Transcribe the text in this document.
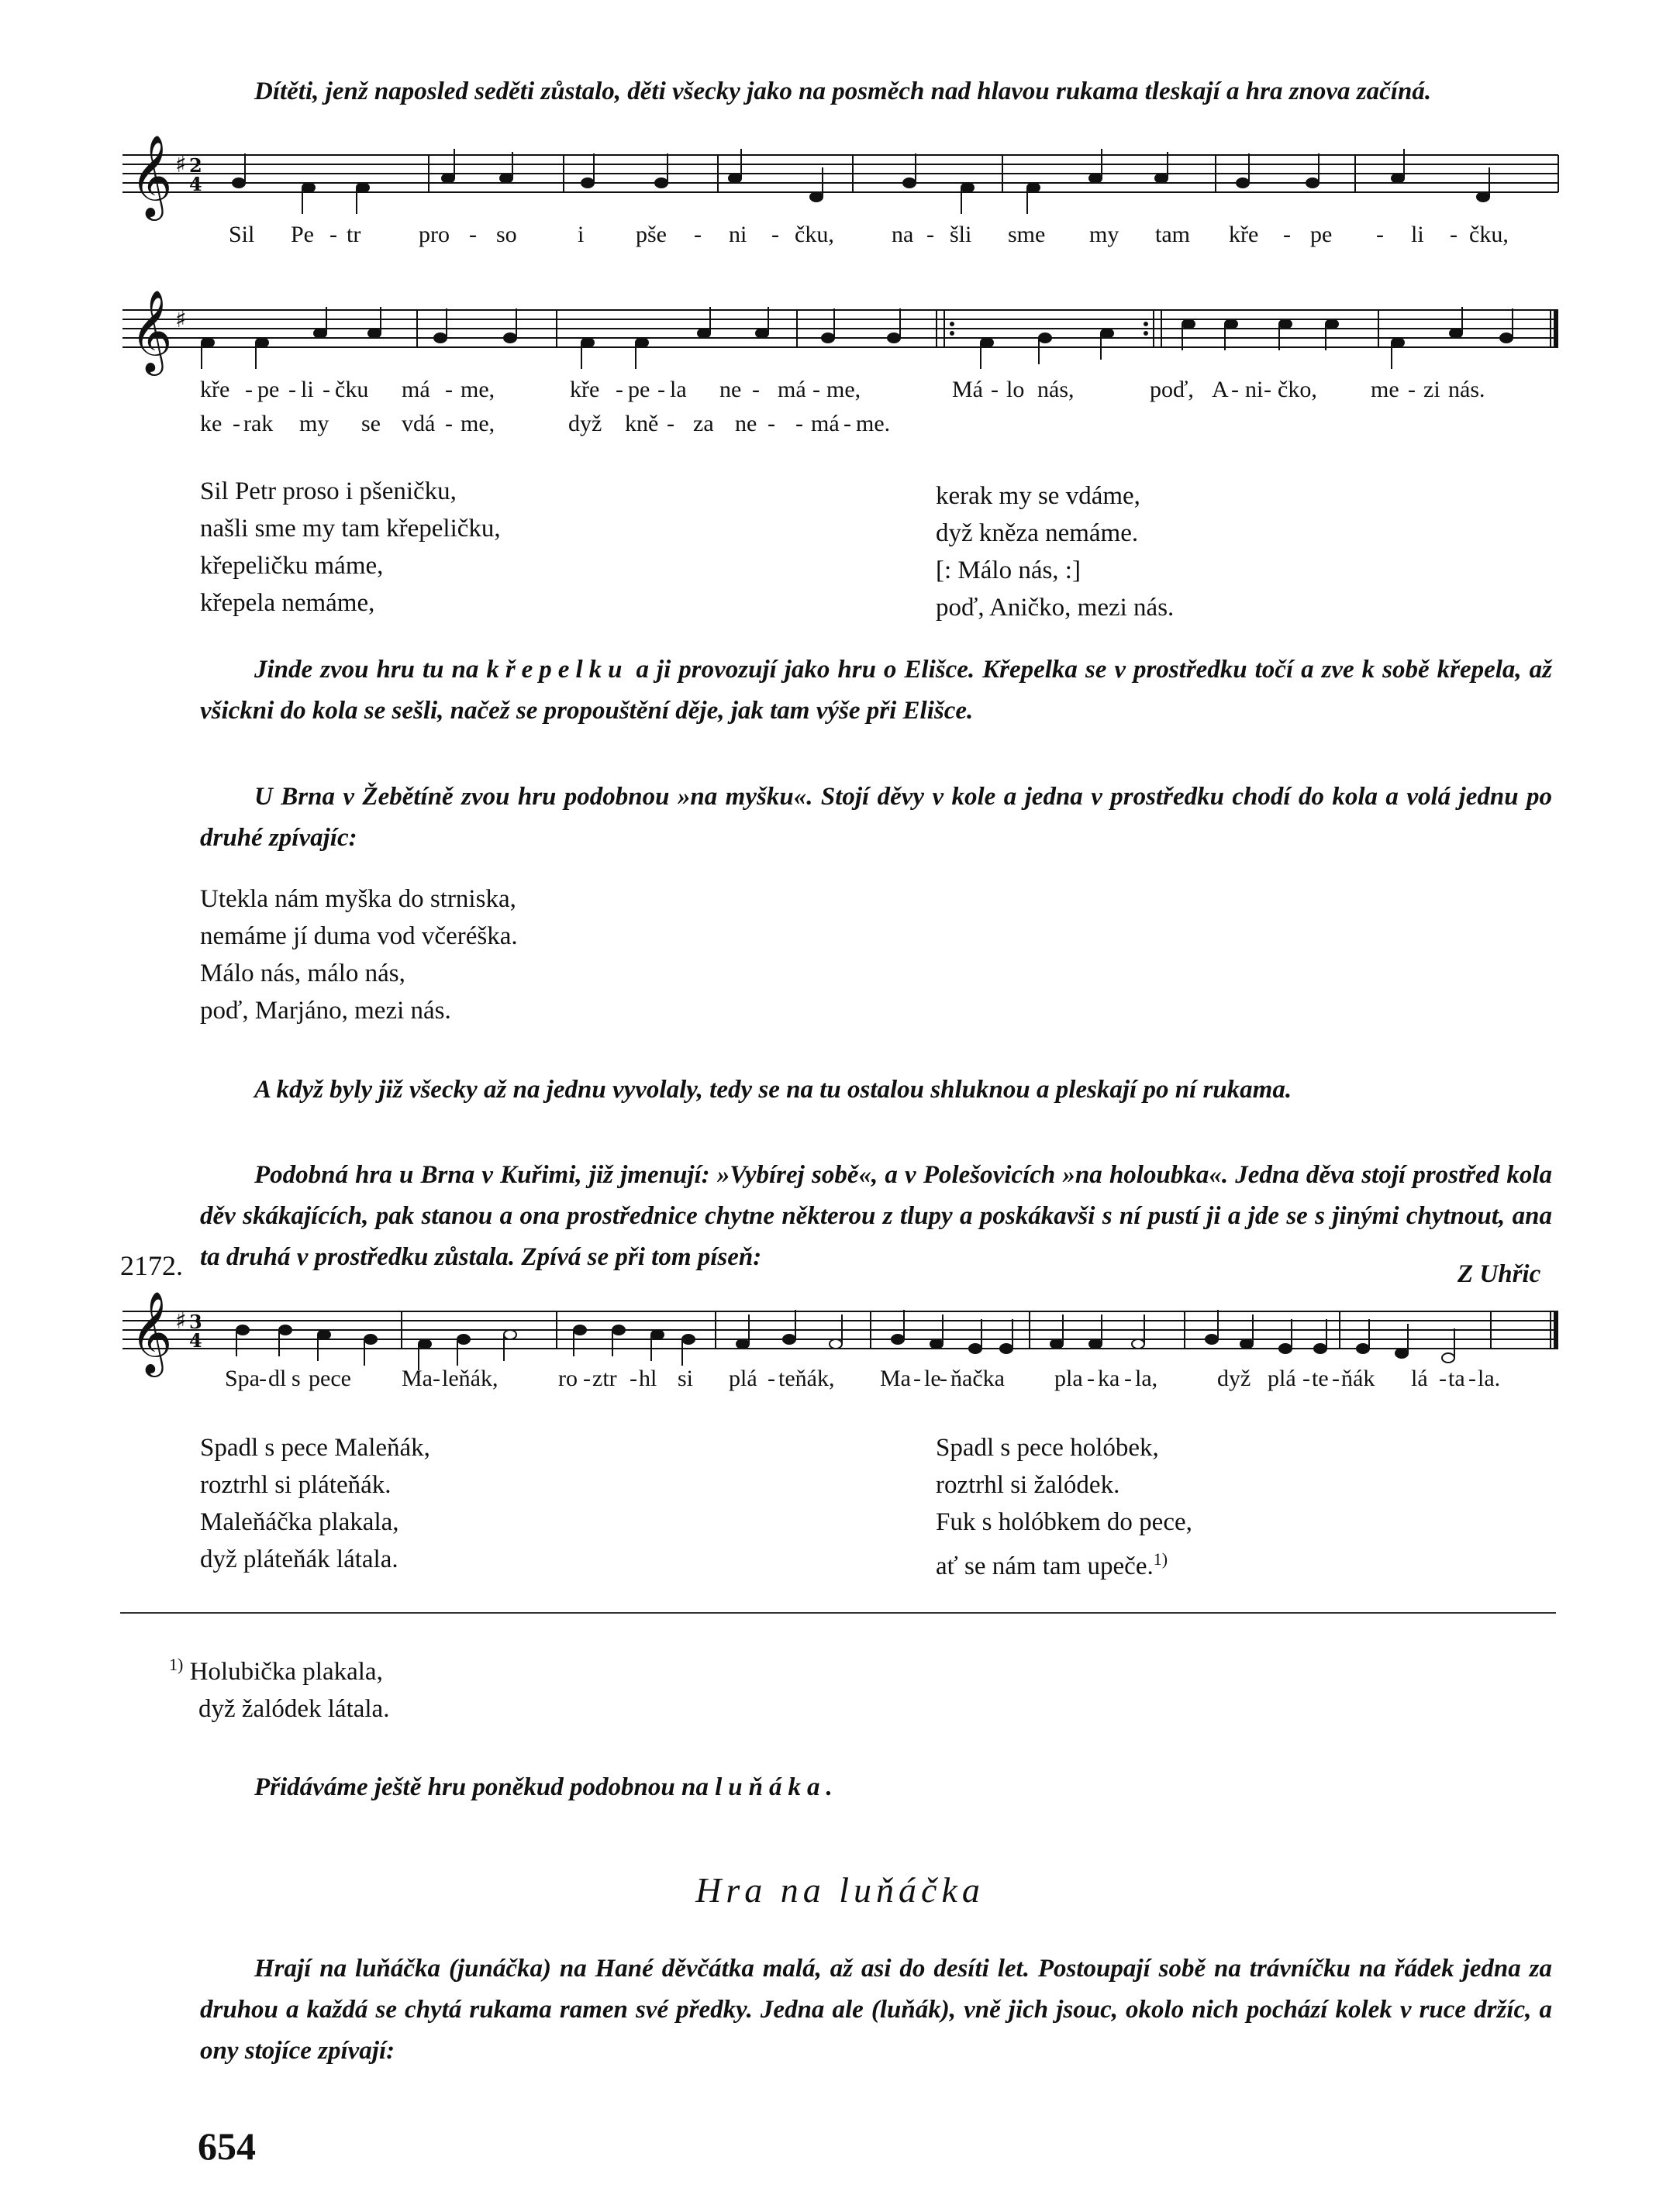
Dítěti, jenž naposled seděti zůstalo, děti všecky jako na posměch nad hlavou rukama tleskají a hra znova začíná.
𝄞 ♯ 2
4
Sil Pe - tr pro - so	i pše - ni - čku, na - šli sme my tam kře - pe - li - čku,
𝄞 ♯
kře - pe - li - čku má - me,	kře - pe - la ne - má - me,	Má - lo nás,	poď, A - ni - čko, me - zi nás.
ke - rak my se vdá - me,	dyž kně - za ne - - má - me.
Sil Petr proso i pšeničku,
našli sme my tam křepeličku,
křepeličku máme,
křepela nemáme,
kerak my se vdáme,
dyž kněza nemáme.
[: Málo nás, :]
poď, Aničko, mezi nás.
Jinde zvou hru tu na křepelku a ji provozují jako hru o Elišce. Křepelka se v prostředku točí a zve k sobě křepela, až všickni do kola se sešli, načež se propouštění děje, jak tam výše při Elišce.
U Brna v Žebětíně zvou hru podobnou »na myšku«. Stojí děvy v kole a jedna v prostředku chodí do kola a volá jednu po druhé zpívajíc:
Utekla nám myška do strniska,
nemáme jí duma vod včeréška.
Málo nás, málo nás,
poď, Marjáno, mezi nás.
A když byly již všecky až na jednu vyvolaly, tedy se na tu ostalou shluknou a pleskají po ní rukama.
Podobná hra u Brna v Kuřimi, již jmenují: »Vybírej sobě«, a v Polešovicích »na holoubka«. Jedna děva stojí prostřed kola děv skákajících, pak stanou a ona prostřednice chytne některou z tlupy a poskákavši s ní pustí ji a jde se s jinými chytnout, ana ta druhá v prostředku zůstala. Zpívá se při tom píseň:
2172.	Z Uhřic
𝄞 ♯ 3
4
Spa - dl s pece Ma - leňák,	ro - ztr - hl si plá - teňák, Ma - le
- ňačka pla - ka - la,	dyž plá - te - ňák lá - ta - la.
Spadl s pece Maleňák,
roztrhl si pláteňák.
Maleňáčka plakala,
dyž pláteňák látala.
Spadl s pece holóbek,
roztrhl si žalódek.
Fuk s holóbkem do pece,
ať se nám tam upeče.$^{1)}$
$^{1)}$ Holubička plakala,
dyž žalódek látala.
Přidáváme ještě hru poněkud podobnou na luňáka.
Hra na luňáčka
Hrají na luňáčka (junáčka) na Hané děvčátka malá, až asi do desíti let. Postoupají sobě na trávníčku na řádek jedna za druhou a každá se chytá rukama ramen své předky. Jedna ale (luňák), vně jich jsouc, okolo nich pochází kolek v ruce držíc, a ony stojíce zpívají:
654
